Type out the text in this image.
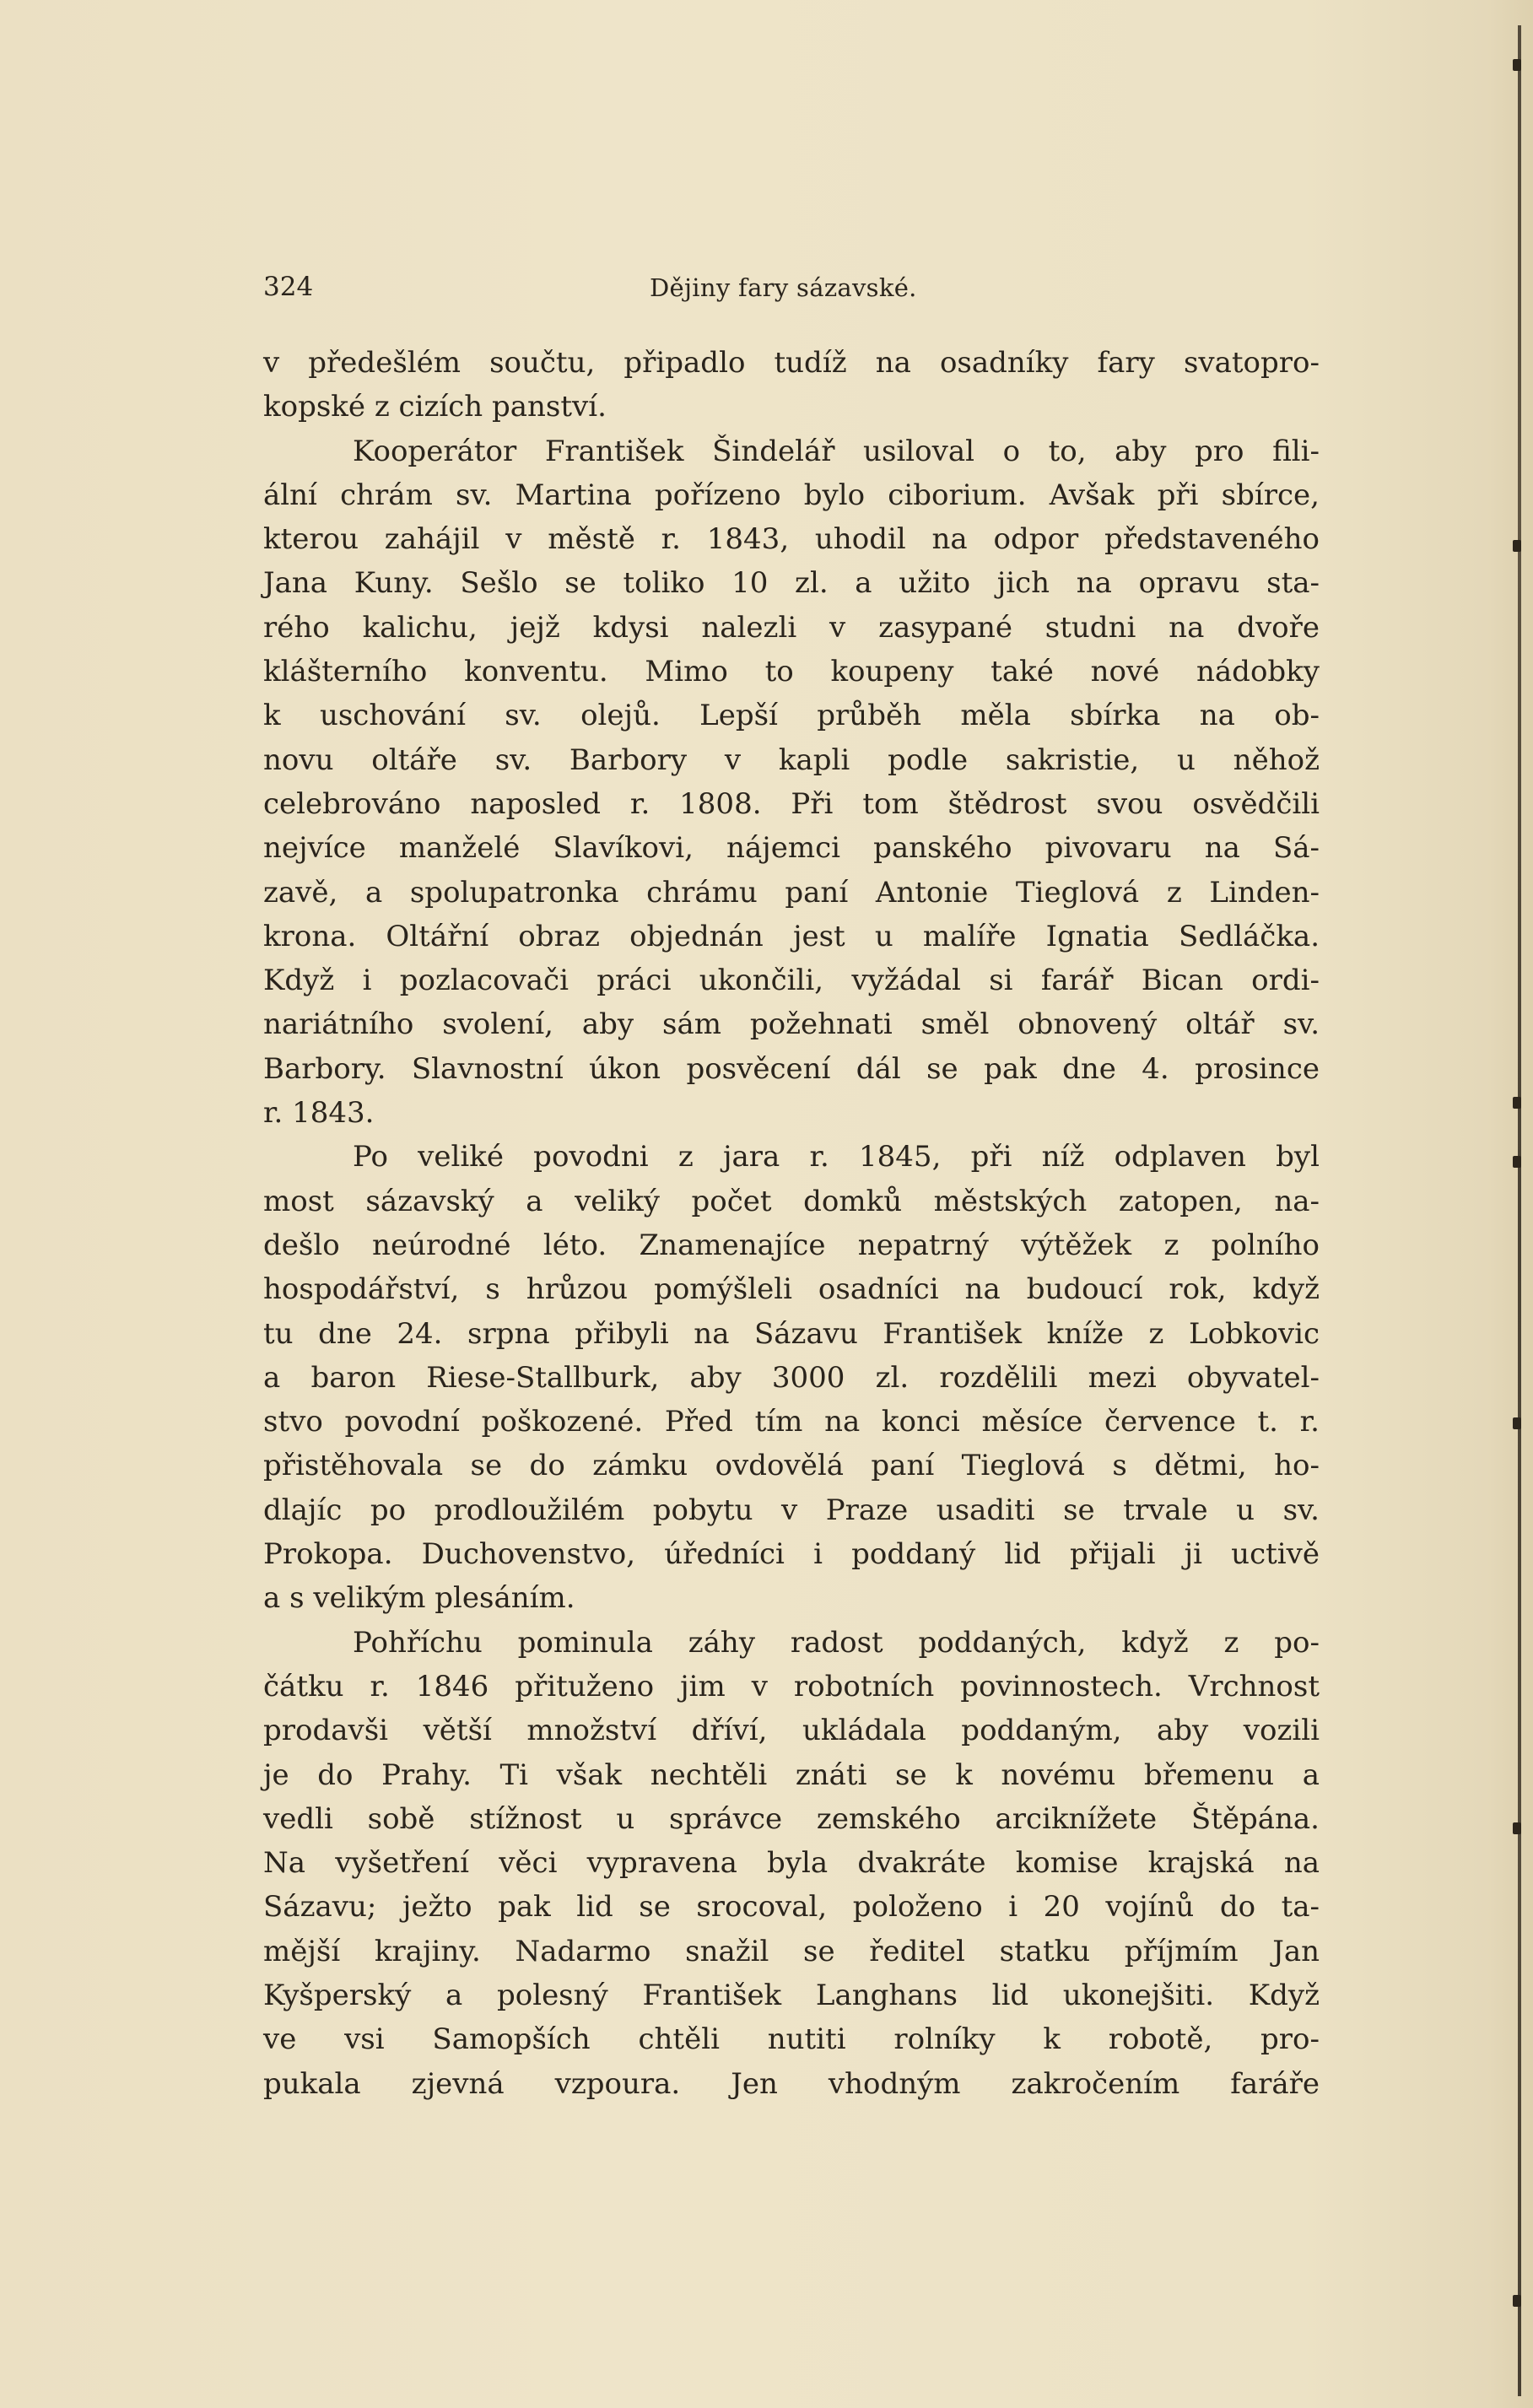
324	Dějiny fary sázavské.
v předešlém součtu, připadlo tudíž na osadníky fary svatopro-
kopské z cizích panství.
Kooperátor František Šindelář usiloval o to, aby pro fili-
ální chrám sv. Martina pořízeno bylo ciborium. Avšak při sbírce,
kterou zahájil v městě r. 1843, uhodil na odpor představeného
Jana Kuny. Sešlo se toliko 10 zl. a užito jich na opravu sta-
rého kalichu, jejž kdysi nalezli v zasypané studni na dvoře
klášterního konventu. Mimo to koupeny také nové nádobky
k uschování sv. olejů. Lepší průběh měla sbírka na ob-
novu oltáře sv. Barbory v kapli podle sakristie, u něhož
celebrováno naposled r. 1808. Při tom štědrost svou osvědčili
nejvíce manželé Slavíkovi, nájemci panského pivovaru na Sá-
zavě, a spolupatronka chrámu paní Antonie Tieglová z Linden-
krona. Oltářní obraz objednán jest u malíře Ignatia Sedláčka.
Když i pozlacovači práci ukončili, vyžádal si farář Bican ordi-
nariátního svolení, aby sám požehnati směl obnovený oltář sv.
Barbory. Slavnostní úkon posvěcení dál se pak dne 4. prosince
r. 1843.
Po veliké povodni z jara r. 1845, při níž odplaven byl
most sázavský a veliký počet domků městských zatopen, na-
dešlo neúrodné léto. Znamenajíce nepatrný výtěžek z polního
hospodářství, s hrůzou pomýšleli osadníci na budoucí rok, když
tu dne 24. srpna přibyli na Sázavu František kníže z Lobkovic
a baron Riese-Stallburk, aby 3000 zl. rozdělili mezi obyvatel-
stvo povodní poškozené. Před tím na konci měsíce července t. r.
přistěhovala se do zámku ovdovělá paní Tieglová s dětmi, ho-
dlajíc po prodloužilém pobytu v Praze usaditi se trvale u sv.
Prokopa. Duchovenstvo, úředníci i poddaný lid přijali ji uctivě
a s velikým plesáním.
Pohříchu pominula záhy radost poddaných, když z po-
čátku r. 1846 přituženo jim v robotních povinnostech. Vrchnost
prodavši větší množství dříví, ukládala poddaným, aby vozili
je do Prahy. Ti však nechtěli znáti se k novému břemenu a
vedli sobě stížnost u správce zemského arciknížete Štěpána.
Na vyšetření věci vypravena byla dvakráte komise krajská na
Sázavu; ježto pak lid se srocoval, položeno i 20 vojínů do ta-
mější krajiny. Nadarmo snažil se ředitel statku příjmím Jan
Kyšperský a polesný František Langhans lid ukonejšiti. Když
ve vsi Samopších chtěli nutiti rolníky k robotě, pro-
pukala zjevná vzpoura. Jen vhodným zakročením faráře
